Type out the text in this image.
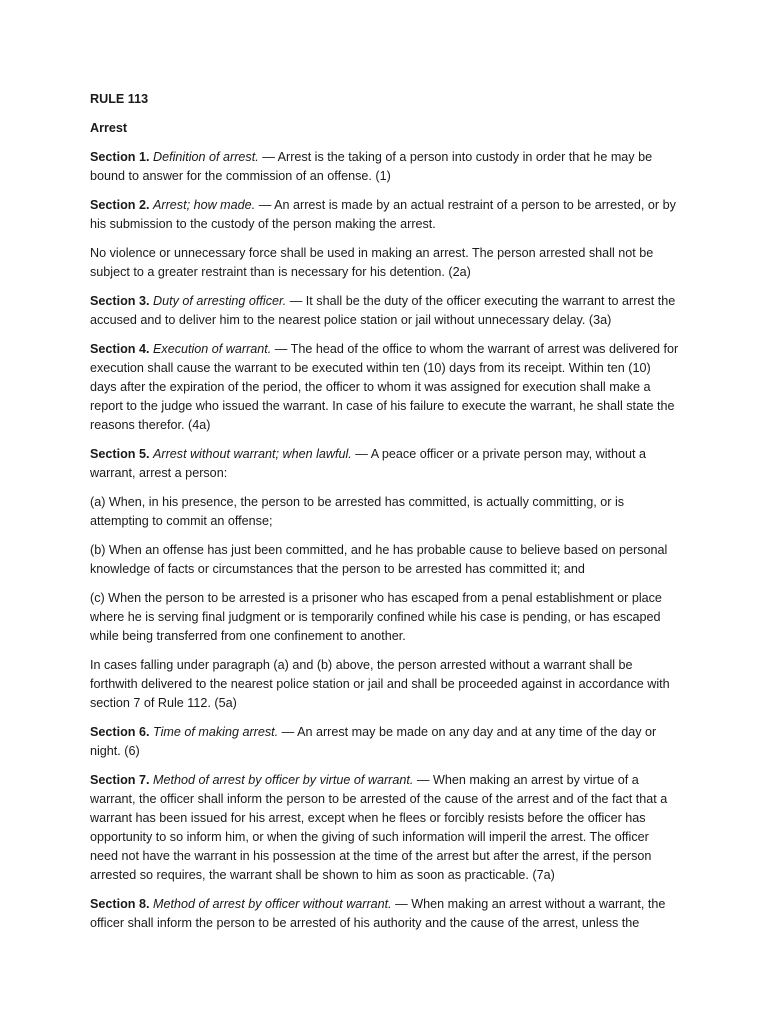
RULE 113
Arrest

Section 1. Definition of arrest. — Arrest is the taking of a person into custody in order that he may be bound to answer for the commission of an offense. (1)

Section 2. Arrest; how made. — An arrest is made by an actual restraint of a person to be arrested, or by his submission to the custody of the person making the arrest.

No violence or unnecessary force shall be used in making an arrest. The person arrested shall not be subject to a greater restraint than is necessary for his detention. (2a)

Section 3. Duty of arresting officer. — It shall be the duty of the officer executing the warrant to arrest the accused and to deliver him to the nearest police station or jail without unnecessary delay. (3a)

Section 4. Execution of warrant. — The head of the office to whom the warrant of arrest was delivered for execution shall cause the warrant to be executed within ten (10) days from its receipt. Within ten (10) days after the expiration of the period, the officer to whom it was assigned for execution shall make a report to the judge who issued the warrant. In case of his failure to execute the warrant, he shall state the reasons therefor. (4a)

Section 5. Arrest without warrant; when lawful. — A peace officer or a private person may, without a warrant, arrest a person:

(a) When, in his presence, the person to be arrested has committed, is actually committing, or is attempting to commit an offense;

(b) When an offense has just been committed, and he has probable cause to believe based on personal knowledge of facts or circumstances that the person to be arrested has committed it; and

(c) When the person to be arrested is a prisoner who has escaped from a penal establishment or place where he is serving final judgment or is temporarily confined while his case is pending, or has escaped while being transferred from one confinement to another.

In cases falling under paragraph (a) and (b) above, the person arrested without a warrant shall be forthwith delivered to the nearest police station or jail and shall be proceeded against in accordance with section 7 of Rule 112. (5a)

Section 6. Time of making arrest. — An arrest may be made on any day and at any time of the day or night. (6)

Section 7. Method of arrest by officer by virtue of warrant. — When making an arrest by virtue of a warrant, the officer shall inform the person to be arrested of the cause of the arrest and of the fact that a warrant has been issued for his arrest, except when he flees or forcibly resists before the officer has opportunity to so inform him, or when the giving of such information will imperil the arrest. The officer need not have the warrant in his possession at the time of the arrest but after the arrest, if the person arrested so requires, the warrant shall be shown to him as soon as practicable. (7a)

Section 8. Method of arrest by officer without warrant. — When making an arrest without a warrant, the officer shall inform the person to be arrested of his authority and the cause of the arrest, unless the
